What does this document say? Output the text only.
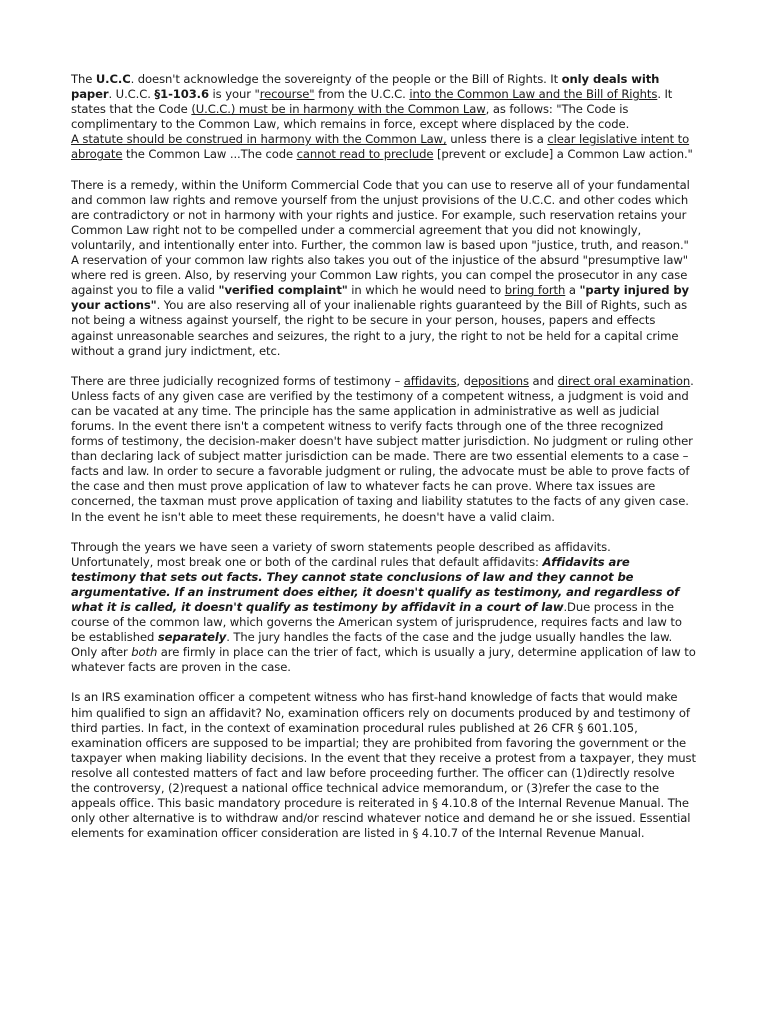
The U.C.C. doesn't acknowledge the sovereignty of the people or the Bill of Rights. It only deals with paper. U.C.C. §1-103.6 is your "recourse" from the U.C.C. into the Common Law and the Bill of Rights. It states that the Code (U.C.C.) must be in harmony with the Common Law, as follows: "The Code is complimentary to the Common Law, which remains in force, except where displaced by the code.
A statute should be construed in harmony with the Common Law, unless there is a clear legislative intent to abrogate the Common Law ...The code cannot read to preclude [prevent or exclude] a Common Law action."

There is a remedy, within the Uniform Commercial Code that you can use to reserve all of your fundamental and common law rights and remove yourself from the unjust provisions of the U.C.C. and other codes which are contradictory or not in harmony with your rights and justice. For example, such reservation retains your Common Law right not to be compelled under a commercial agreement that you did not knowingly, voluntarily, and intentionally enter into. Further, the common law is based upon "justice, truth, and reason." A reservation of your common law rights also takes you out of the injustice of the absurd "presumptive law" where red is green. Also, by reserving your Common Law rights, you can compel the prosecutor in any case against you to file a valid "verified complaint" in which he would need to bring forth a "party injured by your actions". You are also reserving all of your inalienable rights guaranteed by the Bill of Rights, such as not being a witness against yourself, the right to be secure in your person, houses, papers and effects against unreasonable searches and seizures, the right to a jury, the right to not be held for a capital crime without a grand jury indictment, etc.

There are three judicially recognized forms of testimony – affidavits, depositions and direct oral examination. Unless facts of any given case are verified by the testimony of a competent witness, a judgment is void and can be vacated at any time. The principle has the same application in administrative as well as judicial forums. In the event there isn't a competent witness to verify facts through one of the three recognized forms of testimony, the decision-maker doesn't have subject matter jurisdiction. No judgment or ruling other than declaring lack of subject matter jurisdiction can be made. There are two essential elements to a case – facts and law. In order to secure a favorable judgment or ruling, the advocate must be able to prove facts of the case and then must prove application of law to whatever facts he can prove. Where tax issues are concerned, the taxman must prove application of taxing and liability statutes to the facts of any given case. In the event he isn't able to meet these requirements, he doesn't have a valid claim.

Through the years we have seen a variety of sworn statements people described as affidavits. Unfortunately, most break one or both of the cardinal rules that default affidavits: Affidavits are testimony that sets out facts. They cannot state conclusions of law and they cannot be argumentative. If an instrument does either, it doesn't qualify as testimony, and regardless of what it is called, it doesn't qualify as testimony by affidavit in a court of law.Due process in the course of the common law, which governs the American system of jurisprudence, requires facts and law to be established separately. The jury handles the facts of the case and the judge usually handles the law. Only after both are firmly in place can the trier of fact, which is usually a jury, determine application of law to whatever facts are proven in the case.

Is an IRS examination officer a competent witness who has first-hand knowledge of facts that would make him qualified to sign an affidavit? No, examination officers rely on documents produced by and testimony of third parties. In fact, in the context of examination procedural rules published at 26 CFR § 601.105, examination officers are supposed to be impartial; they are prohibited from favoring the government or the taxpayer when making liability decisions. In the event that they receive a protest from a taxpayer, they must resolve all contested matters of fact and law before proceeding further. The officer can (1)directly resolve the controversy, (2)request a national office technical advice memorandum, or (3)refer the case to the appeals office. This basic mandatory procedure is reiterated in § 4.10.8 of the Internal Revenue Manual. The only other alternative is to withdraw and/or rescind whatever notice and demand he or she issued. Essential elements for examination officer consideration are listed in § 4.10.7 of the Internal Revenue Manual.
